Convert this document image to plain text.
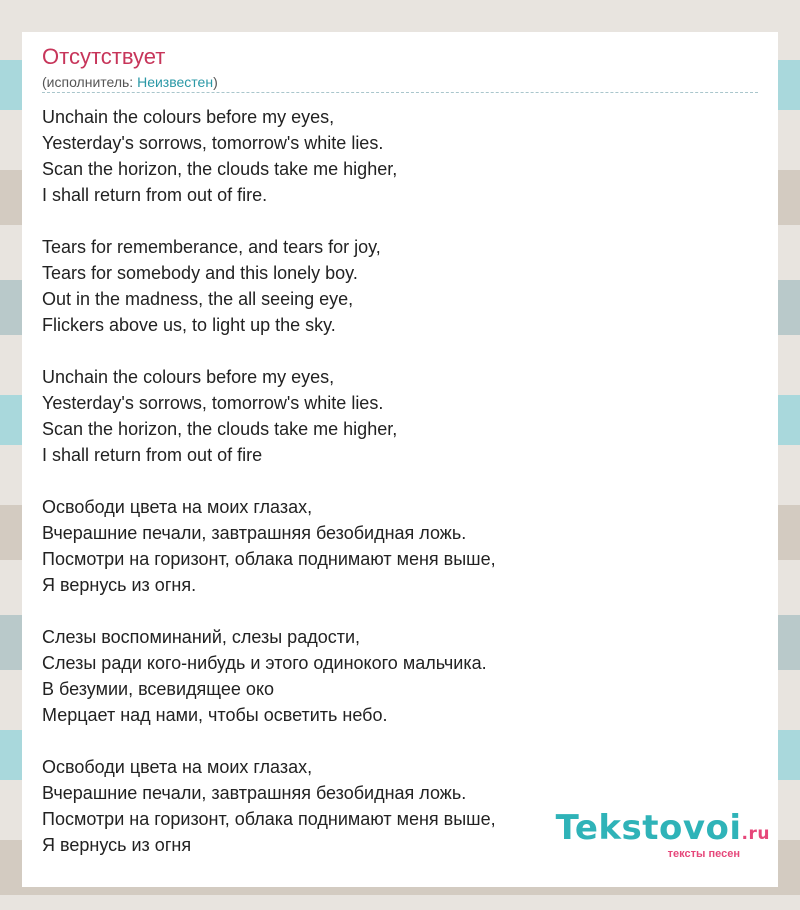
Отсутствует
(исполнитель: Неизвестен)
Unchain the colours before my eyes,
Yesterday's sorrows, tomorrow's white lies.
Scan the horizon, the clouds take me higher,
I shall return from out of fire.
Tears for rememberance, and tears for joy,
Tears for somebody and this lonely boy.
Out in the madness, the all seeing eye,
Flickers above us, to light up the sky.
Unchain the colours before my eyes,
Yesterday's sorrows, tomorrow's white lies.
Scan the horizon, the clouds take me higher,
I shall return from out of fire
Освободи цвета на моих глазах,
Вчерашние печали, завтрашняя безобидная ложь.
Посмотри на горизонт, облака поднимают меня выше,
Я вернусь из огня.
Слезы воспоминаний, слезы радости,
Слезы ради кого-нибудь и этого одинокого мальчика.
В безумии, всевидящее око
Мерцает над нами, чтобы осветить небо.
Освободи цвета на моих глазах,
Вчерашние печали, завтрашняя безобидная ложь.
Посмотри на горизонт, облака поднимают меня выше,
Я вернусь из огня	Tekstovoi.ru
тексты песен
